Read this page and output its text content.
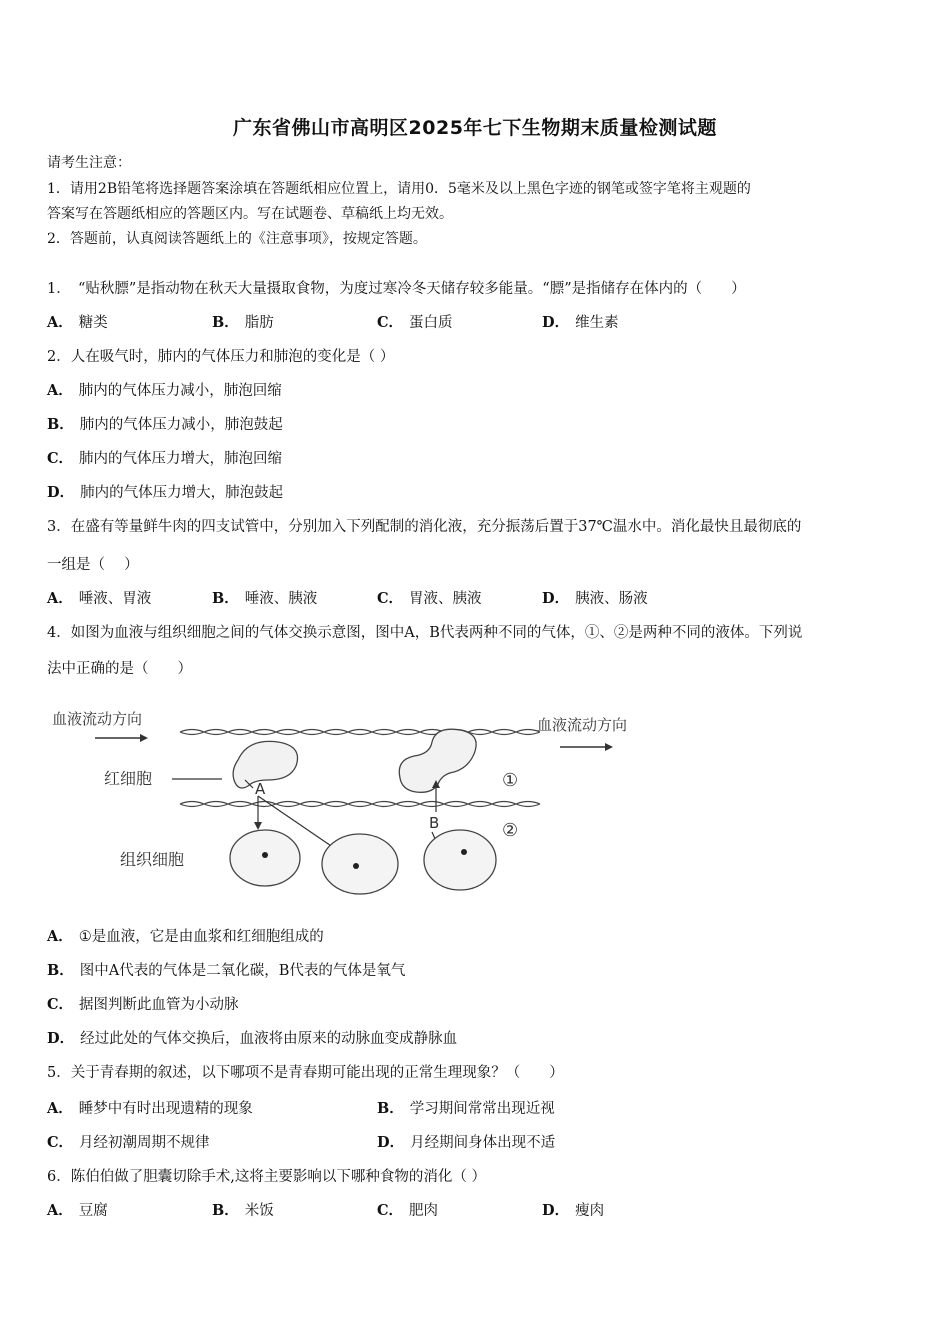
广东省佛山市高明区2025年七下生物期末质量检测试题
请考生注意：
1．请用2B铅笔将选择题答案涂填在答题纸相应位置上，请用0．5毫米及以上黑色字迹的钢笔或签字笔将主观题的
答案写在答题纸相应的答题区内。写在试题卷、草稿纸上均无效。
2．答题前，认真阅读答题纸上的《注意事项》，按规定答题。
1．　“贴秋膘”是指动物在秋天大量摄取食物，为度过寒冷冬天储存较多能量。“膘”是指储存在体内的（　　）
A． 糖类	B． 脂肪	C． 蛋白质	D． 维生素
2．人在吸气时，肺内的气体压力和肺泡的变化是（ ）
A． 肺内的气体压力减小，肺泡回缩
B． 肺内的气体压力减小，肺泡鼓起
C． 肺内的气体压力增大，肺泡回缩
D． 肺内的气体压力增大，肺泡鼓起
3．在盛有等量鲜牛肉的四支试管中，分别加入下列配制的消化液，充分振荡后置于37℃温水中。消化最快且最彻底的
一组是（　 ）
A． 唾液、胃液	B． 唾液、胰液	C． 胃液、胰液	D． 胰液、肠液
4．如图为血液与组织细胞之间的气体交换示意图，图中A，B代表两种不同的气体，①、②是两种不同的液体。下列说
法中正确的是（　　）
血液流动方向	血液流动方向
红细胞
组织细胞
A
B
①
②
A． ①是血液，它是由血浆和红细胞组成的
B． 图中A代表的气体是二氧化碳，B代表的气体是氧气
C． 据图判断此血管为小动脉
D． 经过此处的气体交换后，血液将由原来的动脉血变成静脉血
5．关于青春期的叙述，以下哪项不是青春期可能出现的正常生理现象？（　　）
A． 睡梦中有时出现遗精的现象	B． 学习期间常常出现近视
C． 月经初潮周期不规律	D． 月经期间身体出现不适
6．陈伯伯做了胆囊切除手术,这将主要影响以下哪种食物的消化（ ）
A． 豆腐	B． 米饭	C． 肥肉	D． 瘦肉
